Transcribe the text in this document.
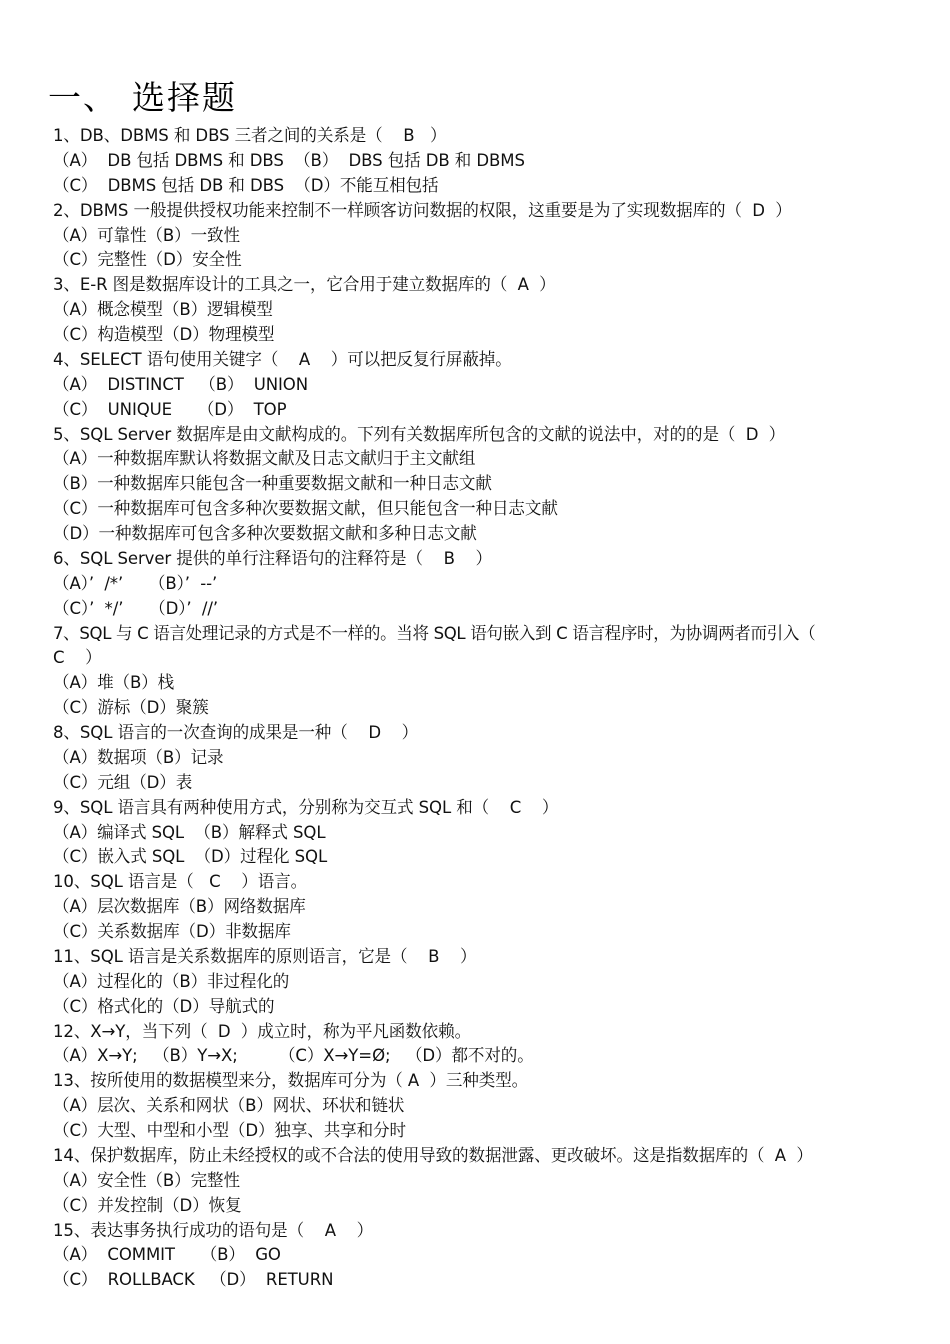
一、 选择题
1、DB、DBMS 和 DBS 三者之间的关系是（    B   ）
（A）  DB 包括 DBMS 和 DBS  （B）  DBS 包括 DB 和 DBMS
（C）  DBMS 包括 DB 和 DBS  （D）不能互相包括
2、DBMS 一般提供授权功能来控制不一样顾客访问数据的权限，这重要是为了实现数据库的（  D  ）
（A）可靠性（B）一致性
（C）完整性（D）安全性
3、E-R 图是数据库设计的工具之一，它合用于建立数据库的（  A  ）
（A）概念模型（B）逻辑模型
（C）构造模型（D）物理模型
4、SELECT 语句使用关键字（    A    ）可以把反复行屏蔽掉。
（A）  DISTINCT   （B）  UNION
（C）  UNIQUE     （D）  TOP
5、SQL Server 数据库是由文献构成的。下列有关数据库所包含的文献的说法中，对的的是（  D  ）
（A）一种数据库默认将数据文献及日志文献归于主文献组
（B）一种数据库只能包含一种重要数据文献和一种日志文献
（C）一种数据库可包含多种次要数据文献，但只能包含一种日志文献
（D）一种数据库可包含多种次要数据文献和多种日志文献
6、SQL Server 提供的单行注释语句的注释符是（    B    ）
（A）’  /*’     （B）’  --’
（C）’  */’     （D）’  //’
7、SQL 与 C 语言处理记录的方式是不一样的。当将 SQL 语句嵌入到 C 语言程序时，为协调两者而引入（
C    ）
（A）堆（B）栈
（C）游标（D）聚簇
8、SQL 语言的一次查询的成果是一种（    D    ）
（A）数据项（B）记录
（C）元组（D）表
9、SQL 语言具有两种使用方式，分别称为交互式 SQL 和（    C    ）
（A）编译式 SQL  （B）解释式 SQL
（C）嵌入式 SQL  （D）过程化 SQL
10、SQL 语言是（   C    ）语言。
（A）层次数据库（B）网络数据库
（C）关系数据库（D）非数据库
11、SQL 语言是关系数据库的原则语言，它是（    B    ）
（A）过程化的（B）非过程化的
（C）格式化的（D）导航式的
12、X→Y，当下列（  D  ）成立时，称为平凡函数依赖。
（A）X→Y;   （B）Y→X;        （C）X→Y=Ø;   （D）都不对的。
13、按所使用的数据模型来分，数据库可分为（ A  ）三种类型。
（A）层次、关系和网状（B）网状、环状和链状
（C）大型、中型和小型（D）独享、共享和分时
14、保护数据库，防止未经授权的或不合法的使用导致的数据泄露、更改破坏。这是指数据库的（  A  ）
（A）安全性（B）完整性
（C）并发控制（D）恢复
15、表达事务执行成功的语句是（    A    ）
（A）  COMMIT     （B）  GO
（C）  ROLLBACK   （D）  RETURN
